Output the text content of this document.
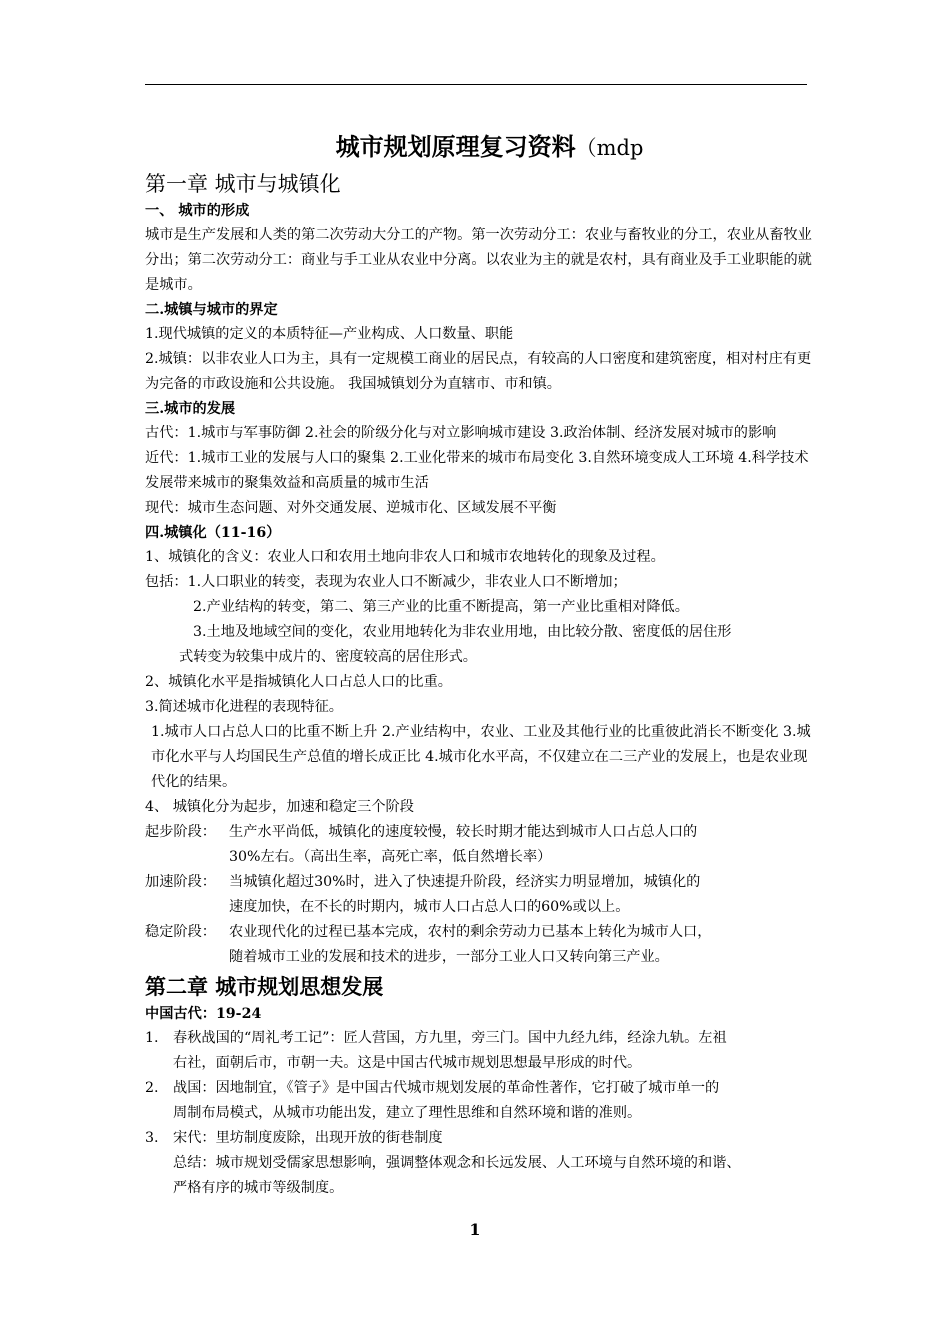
城市规划原理复习资料（mdp
第一章 城市与城镇化
一、 城市的形成

城市是生产发展和人类的第二次劳动大分工的产物。第一次劳动分工：农业与畜牧业的分工，农业从畜牧业分出；第二次劳动分工：商业与手工业从农业中分离。以农业为主的就是农村，具有商业及手工业职能的就是城市。

二.城镇与城市的界定

1.现代城镇的定义的本质特征—产业构成、人口数量、职能

2.城镇：以非农业人口为主，具有一定规模工商业的居民点，有较高的人口密度和建筑密度，相对村庄有更为完备的市政设施和公共设施。 我国城镇划分为直辖市、市和镇。

三.城市的发展

古代：1.城市与军事防御 2.社会的阶级分化与对立影响城市建设 3.政治体制、经济发展对城市的影响

近代：1.城市工业的发展与人口的聚集 2.工业化带来的城市布局变化 3.自然环境变成人工环境 4.科学技术发展带来城市的聚集效益和高质量的城市生活

现代：城市生态问题、对外交通发展、逆城市化、区域发展不平衡

四.城镇化（11-16）

1、城镇化的含义：农业人口和农用土地向非农人口和城市农地转化的现象及过程。

包括：1.人口职业的转变，表现为农业人口不断减少，非农业人口不断增加；

2.产业结构的转变，第二、第三产业的比重不断提高，第一产业比重相对降低。

3.土地及地域空间的变化，农业用地转化为非农业用地，由比较分散、密度低的居住形

式转变为较集中成片的、密度较高的居住形式。

2、城镇化水平是指城镇化人口占总人口的比重。

3.简述城市化进程的表现特征。

1.城市人口占总人口的比重不断上升 2.产业结构中，农业、工业及其他行业的比重彼此消长不断变化 3.城市化水平与人均国民生产总值的增长成正比 4.城市化水平高，不仅建立在二三产业的发展上，也是农业现代化的结果。

4、 城镇化分为起步，加速和稳定三个阶段

起步阶段： 生产水平尚低，城镇化的速度较慢，较长时期才能达到城市人口占总人口的
30%左右。（高出生率，高死亡率，低自然增长率）
加速阶段： 当城镇化超过30%时，进入了快速提升阶段，经济实力明显增加，城镇化的
速度加快，在不长的时期内，城市人口占总人口的60%或以上。
稳定阶段： 农业现代化的过程已基本完成，农村的剩余劳动力已基本上转化为城市人口，
随着城市工业的发展和技术的进步，一部分工业人口又转向第三产业。
第二章 城市规划思想发展
中国古代：19-24
1.	春秋战国的“周礼考工记”：匠人营国，方九里，旁三门。国中九经九纬，经涂九轨。左祖
右社，面朝后市，市朝一夫。这是中国古代城市规划思想最早形成的时代。
2.	战国：因地制宜，《管子》是中国古代城市规划发展的革命性著作，它打破了城市单一的
周制布局模式，从城市功能出发，建立了理性思维和自然环境和谐的准则。
3.	宋代：里坊制度废除，出现开放的街巷制度

总结：城市规划受儒家思想影响，强调整体观念和长远发展、人工环境与自然环境的和谐、

严格有序的城市等级制度。

1
